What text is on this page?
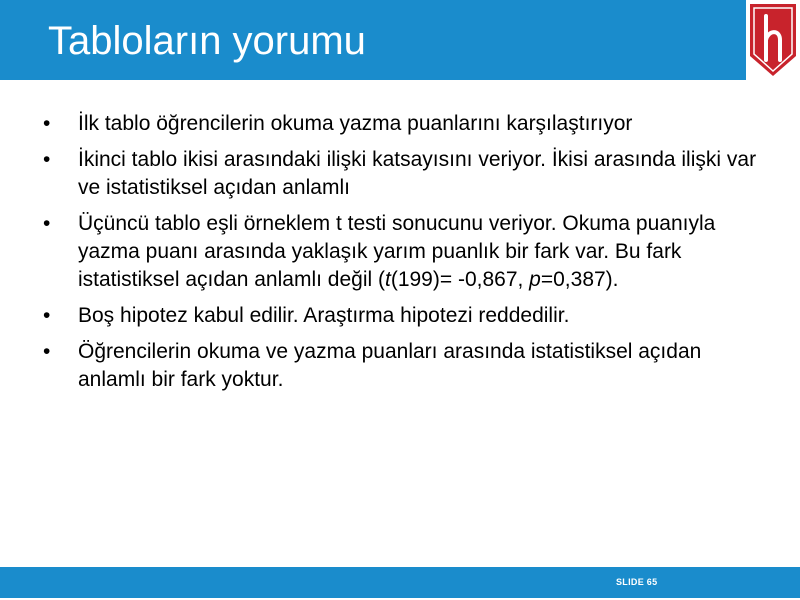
Tabloların yorumu
• İlk tablo öğrencilerin okuma yazma puanlarını karşılaştırıyor
• İkinci tablo ikisi arasındaki ilişki katsayısını veriyor. İkisi arasında ilişki var ve istatistiksel açıdan anlamlı
• Üçüncü tablo eşli örneklem t testi sonucunu veriyor. Okuma puanıyla yazma puanı arasında yaklaşık yarım puanlık bir fark var. Bu fark istatistiksel açıdan anlamlı değil (t(199)= -0,867, p=0,387).
• Boş hipotez kabul edilir. Araştırma hipotezi reddedilir.
• Öğrencilerin okuma ve yazma puanları arasında istatistiksel açıdan anlamlı bir fark yoktur.
SLIDE 65
